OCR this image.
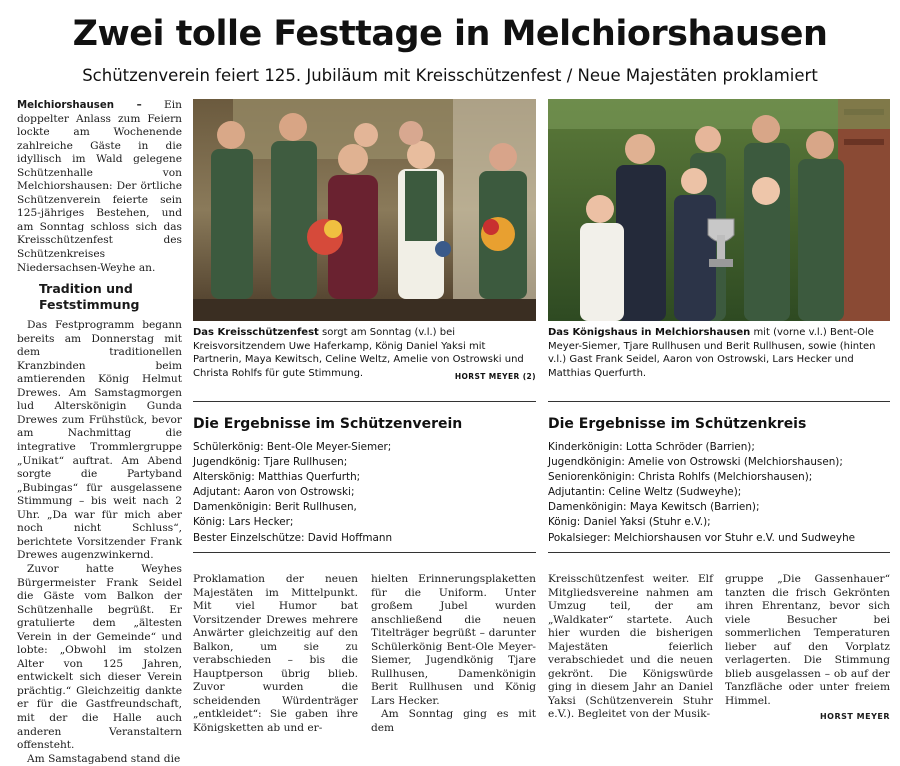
Zwei tolle Festtage in Melchiorshausen
Schützenverein feiert 125. Jubiläum mit Kreisschützenfest / Neue Majestäten proklamiert

Melchiorshausen – Ein doppelter Anlass zum Feiern lockte am Wochenende zahlreiche Gäste in die idyllisch im Wald gelegene Schützenhalle von Melchiorshausen: Der örtliche Schützenverein feierte sein 125-jähriges Bestehen, und am Sonntag schloss sich das Kreisschützenfest des Schützenkreises Niedersachsen-Weyhe an.

Tradition und Feststimmung

Das Festprogramm begann bereits am Donnerstag mit dem traditionellen Kranzbinden beim amtierenden König Helmut Drewes. Am Samstagmorgen lud Alterskönigin Gunda Drewes zum Frühstück, bevor am Nachmittag die integrative Trommlergruppe „Unikat“ auftrat. Am Abend sorgte die Partyband „Bubingas“ für ausgelassene Stimmung – bis weit nach 2 Uhr. „Da war für mich aber noch nicht Schluss“, berichtete Vorsitzender Frank Drewes augenzwinkernd.

Zuvor hatte Weyhes Bürgermeister Frank Seidel die Gäste vom Balkon der Schützenhalle begrüßt. Er gratulierte dem „ältesten Verein in der Gemeinde“ und lobte: „Obwohl im stolzen Alter von 125 Jahren, entwickelt sich dieser Verein prächtig.“ Gleichzeitig dankte er für die Gastfreundschaft, mit der die Halle auch anderen Veranstaltern offensteht.

Am Samstagabend stand die

Das Kreisschützenfest sorgt am Sonntag (v.l.) bei Kreisvorsitzendem Uwe Haferkamp, König Daniel Yaksi mit Partnerin, Maya Kewitsch, Celine Weltz, Amelie von Ostrowski und Christa Rohlfs für gute Stimmung.	HORST MEYER (2)
Das Königshaus in Melchiorshausen mit (vorne v.l.) Bent-Ole Meyer-Siemer, Tjare Rullhusen und Berit Rullhusen, sowie (hinten v.l.) Gast Frank Seidel, Aaron von Ostrowski, Lars Hecker und Matthias Querfurth.
Die Ergebnisse im Schützenverein
Schülerkönig: Bent-Ole Meyer-Siemer;
Jugendkönig: Tjare Rullhusen;
Alterskönig: Matthias Querfurth;
Adjutant: Aaron von Ostrowski;
Damenkönigin: Berit Rullhusen,
König: Lars Hecker;
Bester Einzelschütze: David Hoffmann
Die Ergebnisse im Schützenkreis
Kinderkönigin: Lotta Schröder (Barrien);
Jugendkönigin: Amelie von Ostrowski (Melchiorshausen);
Seniorenkönigin: Christa Rohlfs (Melchiorshausen);
Adjutantin: Celine Weltz (Sudweyhe);
Damenkönigin: Maya Kewitsch (Barrien);
König: Daniel Yaksi (Stuhr e.V.);
Pokalsieger: Melchiorshausen vor Stuhr e.V. und Sudweyhe

Proklamation der neuen Majestäten im Mittelpunkt. Mit viel Humor bat Vorsitzender Drewes mehrere Anwärter gleichzeitig auf den Balkon, um sie zu verabschieden – bis die Hauptperson übrig blieb. Zuvor wurden die scheidenden Würdenträger „entkleidet“: Sie gaben ihre Königsketten ab und er-

hielten Erinnerungsplaketten für die Uniform. Unter großem Jubel wurden anschließend die neuen Titelträger begrüßt – darunter Schülerkönig Bent-Ole Meyer-Siemer, Jugendkönig Tjare Rullhusen, Damenkönigin Berit Rullhusen und König Lars Hecker.

Am Sonntag ging es mit dem

Kreisschützenfest weiter. Elf Mitgliedsvereine nahmen am Umzug teil, der am „Waldkater“ startete. Auch hier wurden die bisherigen Majestäten feierlich verabschiedet und die neuen gekrönt. Die Königswürde ging in diesem Jahr an Daniel Yaksi (Schützenverein Stuhr e.V.). Begleitet von der Musik-

gruppe „Die Gassenhauer“ tanzten die frisch Gekrönten ihren Ehrentanz, bevor sich viele Besucher bei sommerlichen Temperaturen lieber auf den Vorplatz verlagerten. Die Stimmung blieb ausgelassen – ob auf der Tanzfläche oder unter freiem Himmel.

HORST MEYER
